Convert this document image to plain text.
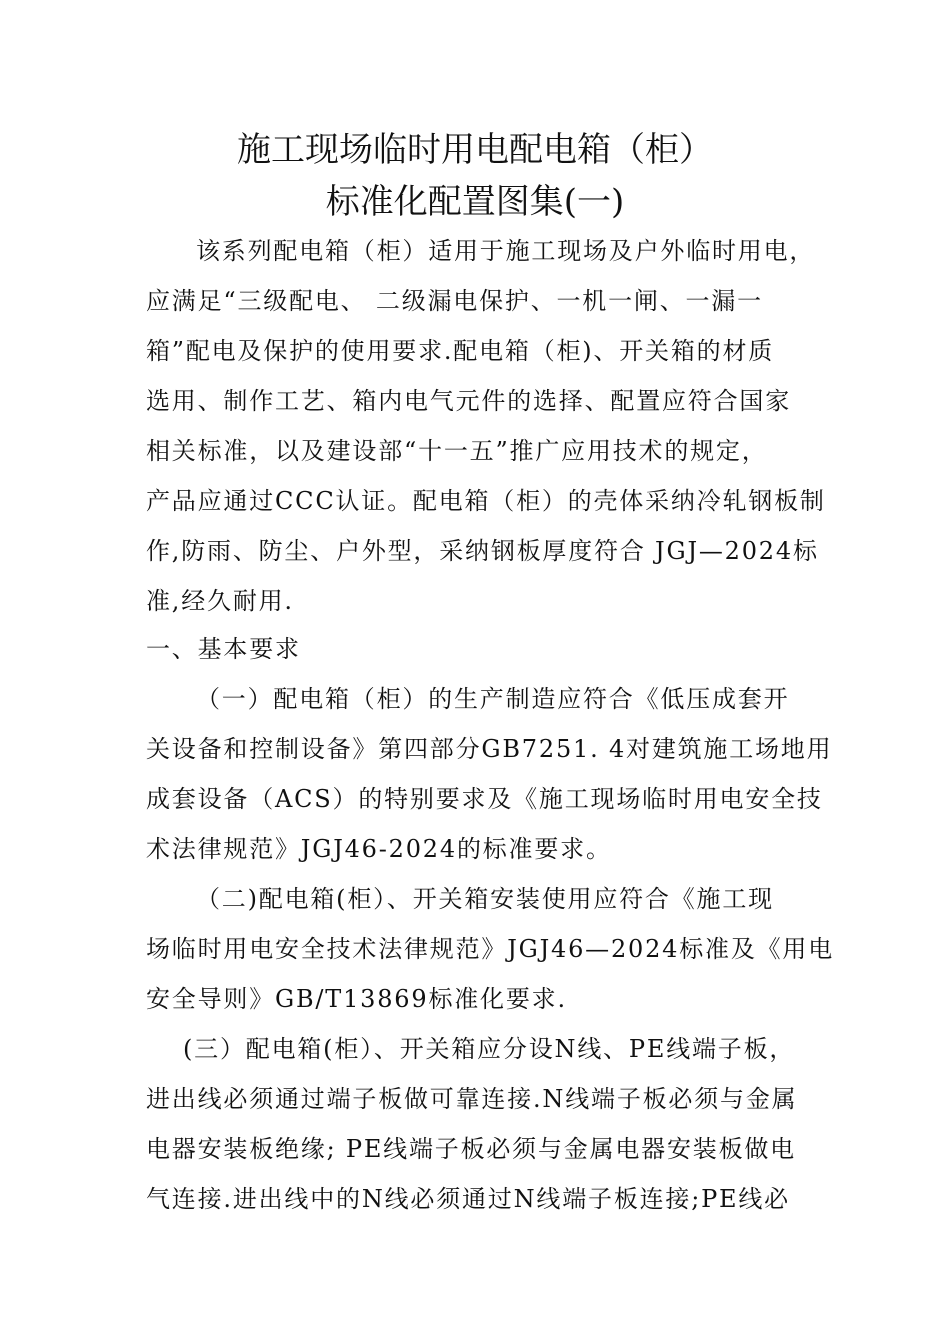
施工现场临时用电配电箱（柜）
标准化配置图集(一)
该系列配电箱（柜）适用于施工现场及户外临时用电，
应满足“三级配电、 二级漏电保护、一机一闸、一漏一
箱”配电及保护的使用要求.配电箱（柜)、开关箱的材质
选用、制作工艺、箱内电气元件的选择、配置应符合国家
相关标准，以及建设部“十一五”推广应用技术的规定，
产品应通过CCC认证。配电箱（柜）的壳体采纳冷轧钢板制
作,防雨、防尘、户外型，采纳钢板厚度符合 JGJ—2024标
准,经久耐用.
一、基本要求
（一）配电箱（柜）的生产制造应符合《低压成套开
关设备和控制设备》第四部分GB7251. 4对建筑施工场地用
成套设备（ACS）的特别要求及《施工现场临时用电安全技
术法律规范》JGJ46-2024的标准要求。
（二)配电箱(柜）、开关箱安装使用应符合《施工现
场临时用电安全技术法律规范》JGJ46—2024标准及《用电
安全导则》GB/T13869标准化要求.
(三）配电箱(柜）、开关箱应分设N线、PE线端子板，
进出线必须通过端子板做可靠连接.N线端子板必须与金属
电器安装板绝缘; PE线端子板必须与金属电器安装板做电
气连接.进出线中的N线必须通过N线端子板连接;PE线必
